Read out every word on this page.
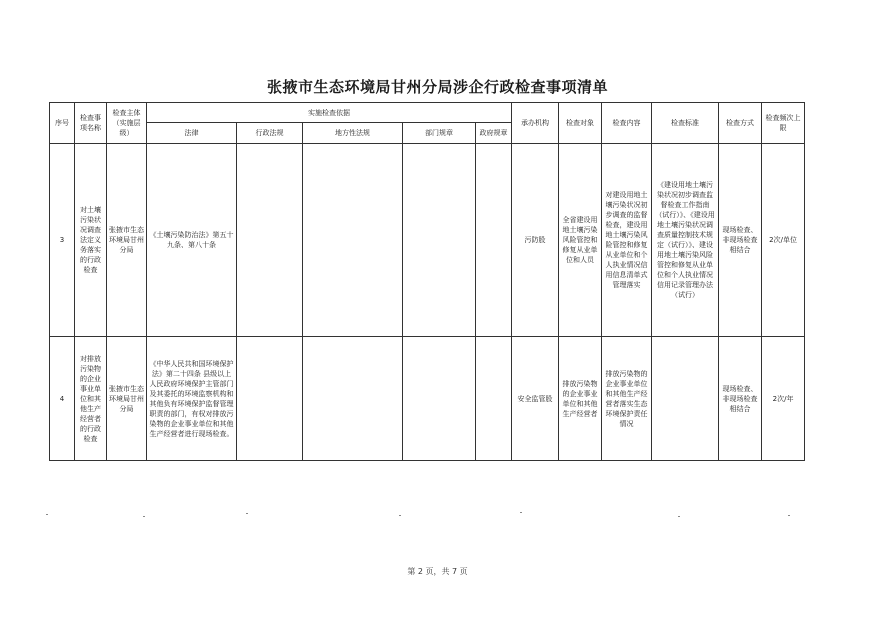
张掖市生态环境局甘州分局涉企行政检查事项清单
序号	检查事项名称	检查主体（实施层级）	实施检查依据					承办机构	检查对象	检查内容	检查标准	检查方式	检查频次上限
			法律	行政法规	地方性法规	部门规章	政府规章						
3	对土壤污染状况调查法定义务落实的行政检查	张掖市生态环境局甘州分局	《土壤污染防治法》第五十九条、第八十条					污防股	全省建设用地土壤污染风险管控和修复从业单位和人员	对建设用地土壤污染状况初步调查的监督检查，建设用地土壤污染风险管控和修复从业单位和个人执业情况信用信息清单式管理落实	《建设用地土壤污染状况初步调查监督检查工作指南（试行）》、《建设用地土壤污染状况调查质量控制技术规定（试行）》、建设用地土壤污染风险管控和修复从业单位和个人执业情况信用记录管理办法（试行）	现场检查、非现场检查相结合	2次/单位
4	对排放污染物的企业事业单位和其他生产经营者的行政检查	张掖市生态环境局甘州分局	《中华人民共和国环境保护法》第二十四条 县级以上人民政府环境保护主管部门及其委托的环境监察机构和其他负有环境保护监督管理职责的部门，有权对排放污染物的企业事业单位和其他生产经营者进行现场检查。					安全监管股	排放污染物的企业事业单位和其他生产经营者	排放污染物的企业事业单位和其他生产经营者落实生态环境保护责任情况		现场检查、非现场检查相结合	2次/年
第 2 页，共 7 页
